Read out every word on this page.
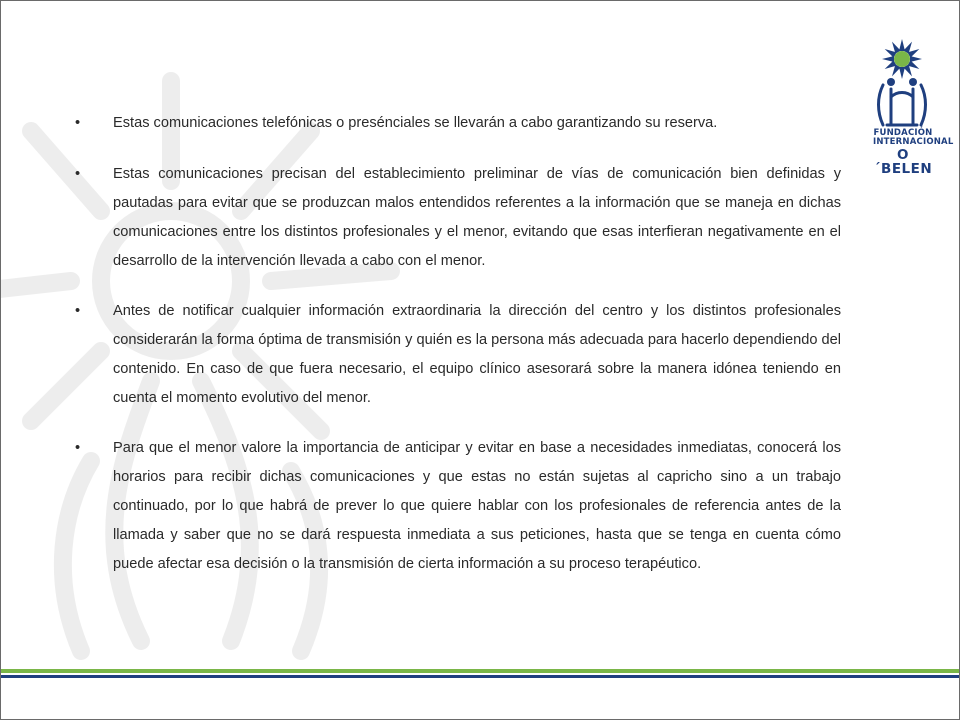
FUNDACIÓN
INTERNACIONAL
O´BELEN
•	Estas comunicaciones telefónicas o presénciales se llevarán a cabo garantizando su reserva.
•	Estas comunicaciones precisan del establecimiento preliminar de vías de comunicación bien definidas y pautadas para evitar que se produzcan malos entendidos referentes a la información que se maneja en dichas comunicaciones entre los distintos profesionales y el menor, evitando que esas interfieran negativamente en el desarrollo de la intervención llevada a cabo con el menor.
•	Antes de notificar cualquier información extraordinaria la dirección del centro y los distintos profesionales considerarán la forma óptima de transmisión y quién es la persona más adecuada para hacerlo dependiendo del contenido. En caso de que fuera necesario, el equipo clínico asesorará sobre la manera idónea teniendo en cuenta el momento evolutivo del menor.
•	Para que el menor valore la importancia de anticipar y evitar en base a necesidades inmediatas, conocerá los horarios para recibir dichas comunicaciones y que estas no están sujetas al capricho sino a un trabajo continuado, por lo que habrá de prever lo que quiere hablar con los profesionales de referencia antes de la llamada y saber que no se dará respuesta inmediata a sus peticiones, hasta que se tenga en cuenta cómo puede afectar esa decisión o la transmisión de cierta información a su proceso terapéutico.
